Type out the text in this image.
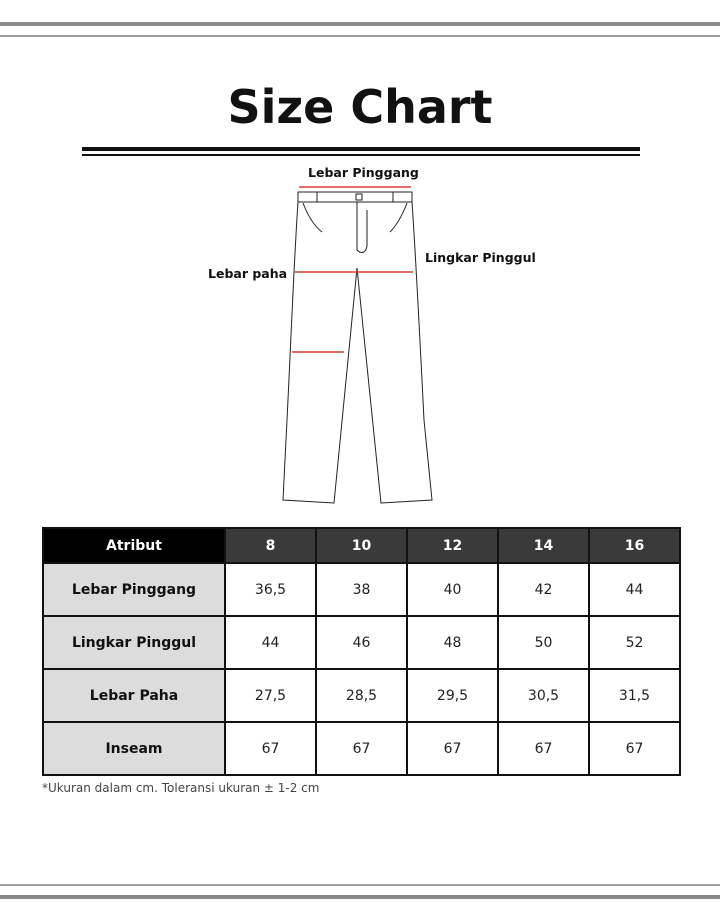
Size Chart
Lebar Pinggang
Lingkar Pinggul
Lebar paha
Atribut	8	10	12	14	16
Lebar Pinggang	36,5	38	40	42	44
Lingkar Pinggul	44	46	48	50	52
Lebar Paha	27,5	28,5	29,5	30,5	31,5
Inseam	67	67	67	67	67
*Ukuran dalam cm. Toleransi ukuran ± 1-2 cm
